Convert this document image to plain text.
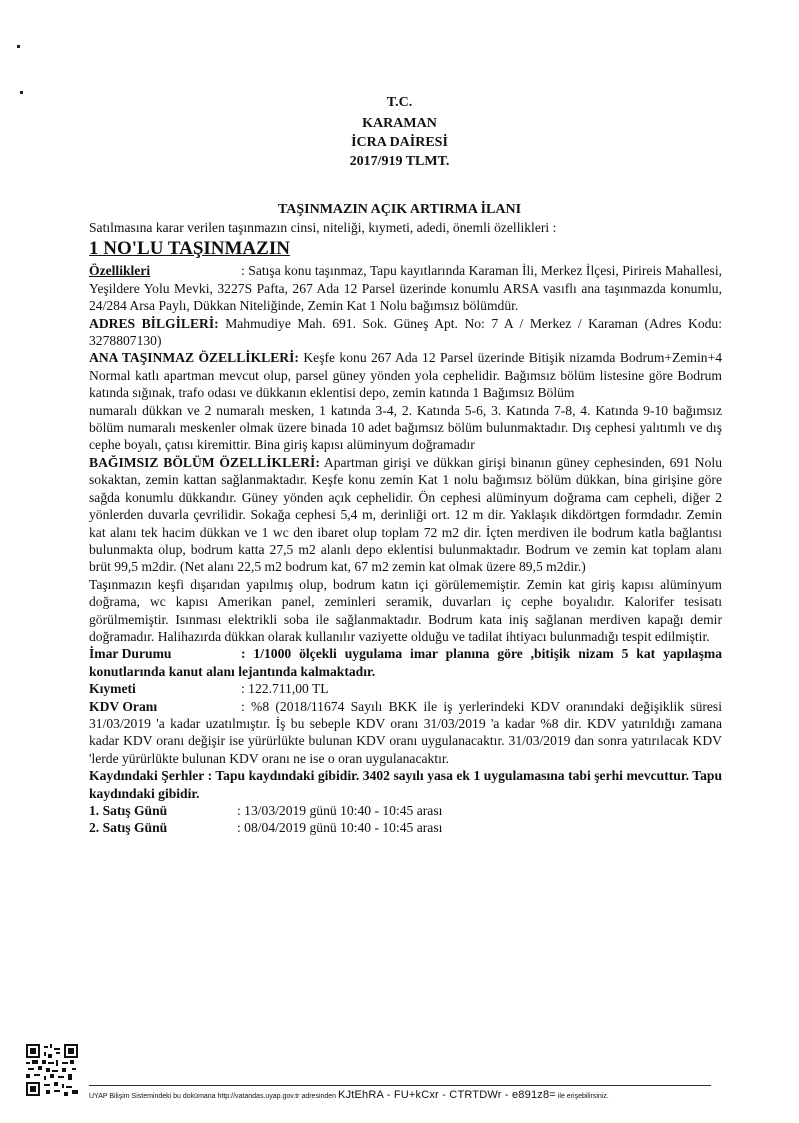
T.C.
KARAMAN
İCRA DAİRESİ
2017/919 TLMT.
TAŞINMAZIN AÇIK ARTIRMA İLANI

Satılmasına karar verilen taşınmazın cinsi, niteliği, kıymeti, adedi, önemli özellikleri :

1 NO'LU TAŞINMAZIN

Özellikleri	: Satışa konu taşınmaz, Tapu kayıtlarında Karaman İli, Merkez İlçesi, Pirireis Mahallesi, Yeşildere Yolu Mevki, 3227S Pafta, 267 Ada 12 Parsel üzerinde konumlu ARSA vasıflı ana taşınmazda konumlu, 24/284 Arsa Paylı, Dükkan Niteliğinde, Zemin Kat 1 Nolu bağımsız bölümdür.

ADRES BİLGİLERİ: Mahmudiye Mah. 691. Sok. Güneş Apt. No: 7 A / Merkez / Karaman (Adres Kodu: 3278807130)

ANA TAŞINMAZ ÖZELLİKLERİ: Keşfe konu 267 Ada 12 Parsel üzerinde Bitişik nizamda Bodrum+Zemin+4 Normal katlı apartman mevcut olup, parsel güney yönden yola cephelidir. Bağımsız bölüm listesine göre Bodrum katında sığınak, trafo odası ve dükkanın eklentisi depo, zemin katında 1 Bağımsız Bölüm

numaralı dükkan ve 2 numaralı mesken, 1 katında 3-4, 2. Katında 5-6, 3. Katında 7-8, 4. Katında 9-10 bağımsız bölüm numaralı meskenler olmak üzere binada 10 adet bağımsız bölüm bulunmaktadır. Dış cephesi yalıtımlı ve dış cephe boyalı, çatısı kiremittir. Bina giriş kapısı alüminyum doğramadır

BAĞIMSIZ BÖLÜM ÖZELLİKLERİ: Apartman girişi ve dükkan girişi binanın güney cephesinden, 691 Nolu sokaktan, zemin kattan sağlanmaktadır. Keşfe konu zemin Kat 1 nolu bağımsız bölüm dükkan, bina girişine göre sağda konumlu dükkandır. Güney yönden açık cephelidir. Ön cephesi alüminyum doğrama cam cepheli, diğer 2 yönlerden duvarla çevrilidir. Sokağa cephesi 5,4 m, derinliği ort. 12 m dir. Yaklaşık dikdörtgen formdadır. Zemin kat alanı tek hacim dükkan ve 1 wc den ibaret olup toplam 72 m2 dir. İçten merdiven ile bodrum katla bağlantısı bulunmakta olup, bodrum katta 27,5 m2 alanlı depo eklentisi bulunmaktadır. Bodrum ve zemin kat toplam alanı brüt 99,5 m2dir. (Net alanı 22,5 m2 bodrum kat, 67 m2 zemin kat olmak üzere 89,5 m2dir.)

Taşınmazın keşfi dışarıdan yapılmış olup, bodrum katın içi görülememiştir. Zemin kat giriş kapısı alüminyum doğrama, wc kapısı Amerikan panel, zeminleri seramik, duvarları iç cephe boyalıdır. Kalorifer tesisatı görülmemiştir. Isınması elektrikli soba ile sağlanmaktadır. Bodrum kata iniş sağlanan merdiven kapağı demir doğramadır. Halihazırda dükkan olarak kullanılır vaziyette olduğu ve tadilat ihtiyacı bulunmadığı tespit edilmiştir.

İmar Durumu	: 1/1000 ölçekli uygulama imar planına göre ,bitişik nizam 5 kat yapılaşma konutlarında kanut alanı lejantında kalmaktadır.

Kıymeti	: 122.711,00 TL

KDV Oranı	: %8 (2018/11674 Sayılı BKK ile iş yerlerindeki KDV oranındaki değişiklik süresi 31/03/2019 'a kadar uzatılmıştır. İş bu sebeple KDV oranı 31/03/2019 'a kadar %8 dir. KDV yatırıldığı zamana kadar KDV oranı değişir ise yürürlükte bulunan KDV oranı uygulanacaktır. 31/03/2019 dan sonra yatırılacak KDV 'lerde yürürlükte bulunan KDV oranı ne ise o oran uygulanacaktır.

Kaydındaki Şerhler : Tapu kaydındaki gibidir. 3402 sayılı yasa ek 1 uygulamasına tabi şerhi mevcuttur. Tapu kaydındaki gibidir.

1. Satış Günü	: 13/03/2019 günü 10:40 - 10:45 arası

2. Satış Günü	: 08/04/2019 günü 10:40 - 10:45 arası

UYAP Bilişim Sistemindeki bu dokümana http://vatandas.uyap.gov.tr adresinden KJtEhRA - FU+kCxr - CTRTDWr - e891z8= ile erişebilirsiniz.
